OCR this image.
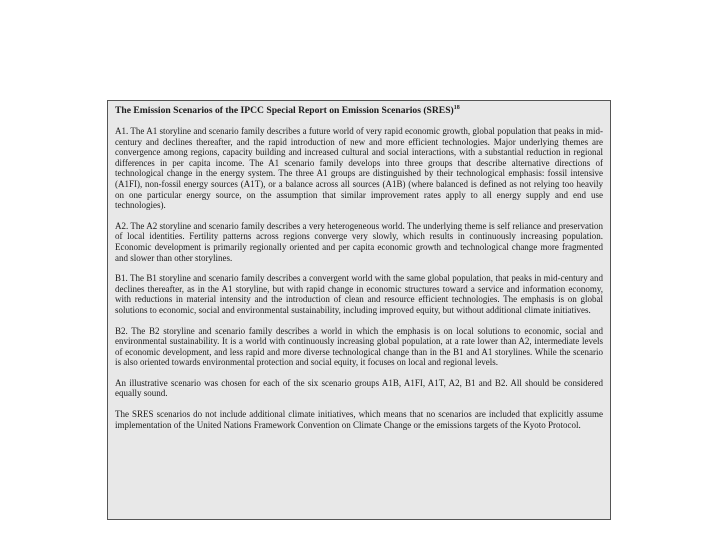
The Emission Scenarios of the IPCC Special Report on Emission Scenarios (SRES)$^{18}$

A1. The A1 storyline and scenario family describes a future world of very rapid economic growth, global population that peaks in mid-century and declines thereafter, and the rapid introduction of new and more efficient technologies. Major underlying themes are convergence among regions, capacity building and increased cultural and social interactions, with a substantial reduction in regional differences in per capita income. The A1 scenario family develops into three groups that describe alternative directions of technological change in the energy system. The three A1 groups are distinguished by their technological emphasis: fossil intensive (A1FI), non-fossil energy sources (A1T), or a balance across all sources (A1B) (where balanced is defined as not relying too heavily on one particular energy source, on the assumption that similar improvement rates apply to all energy supply and end use technologies).

A2. The A2 storyline and scenario family describes a very heterogeneous world. The underlying theme is self reliance and preservation of local identities. Fertility patterns across regions converge very slowly, which results in continuously increasing population. Economic development is primarily regionally oriented and per capita economic growth and technological change more fragmented and slower than other storylines.

B1. The B1 storyline and scenario family describes a convergent world with the same global population, that peaks in mid-century and declines thereafter, as in the A1 storyline, but with rapid change in economic structures toward a service and information economy, with reductions in material intensity and the introduction of clean and resource efficient technologies. The emphasis is on global solutions to economic, social and environmental sustainability, including improved equity, but without additional climate initiatives.

B2. The B2 storyline and scenario family describes a world in which the emphasis is on local solutions to economic, social and environmental sustainability. It is a world with continuously increasing global population, at a rate lower than A2, intermediate levels of economic development, and less rapid and more diverse technological change than in the B1 and A1 storylines. While the scenario is also oriented towards environmental protection and social equity, it focuses on local and regional levels.

An illustrative scenario was chosen for each of the six scenario groups A1B, A1FI, A1T, A2, B1 and B2. All should be considered equally sound.

The SRES scenarios do not include additional climate initiatives, which means that no scenarios are included that explicitly assume implementation of the United Nations Framework Convention on Climate Change or the emissions targets of the Kyoto Protocol.
